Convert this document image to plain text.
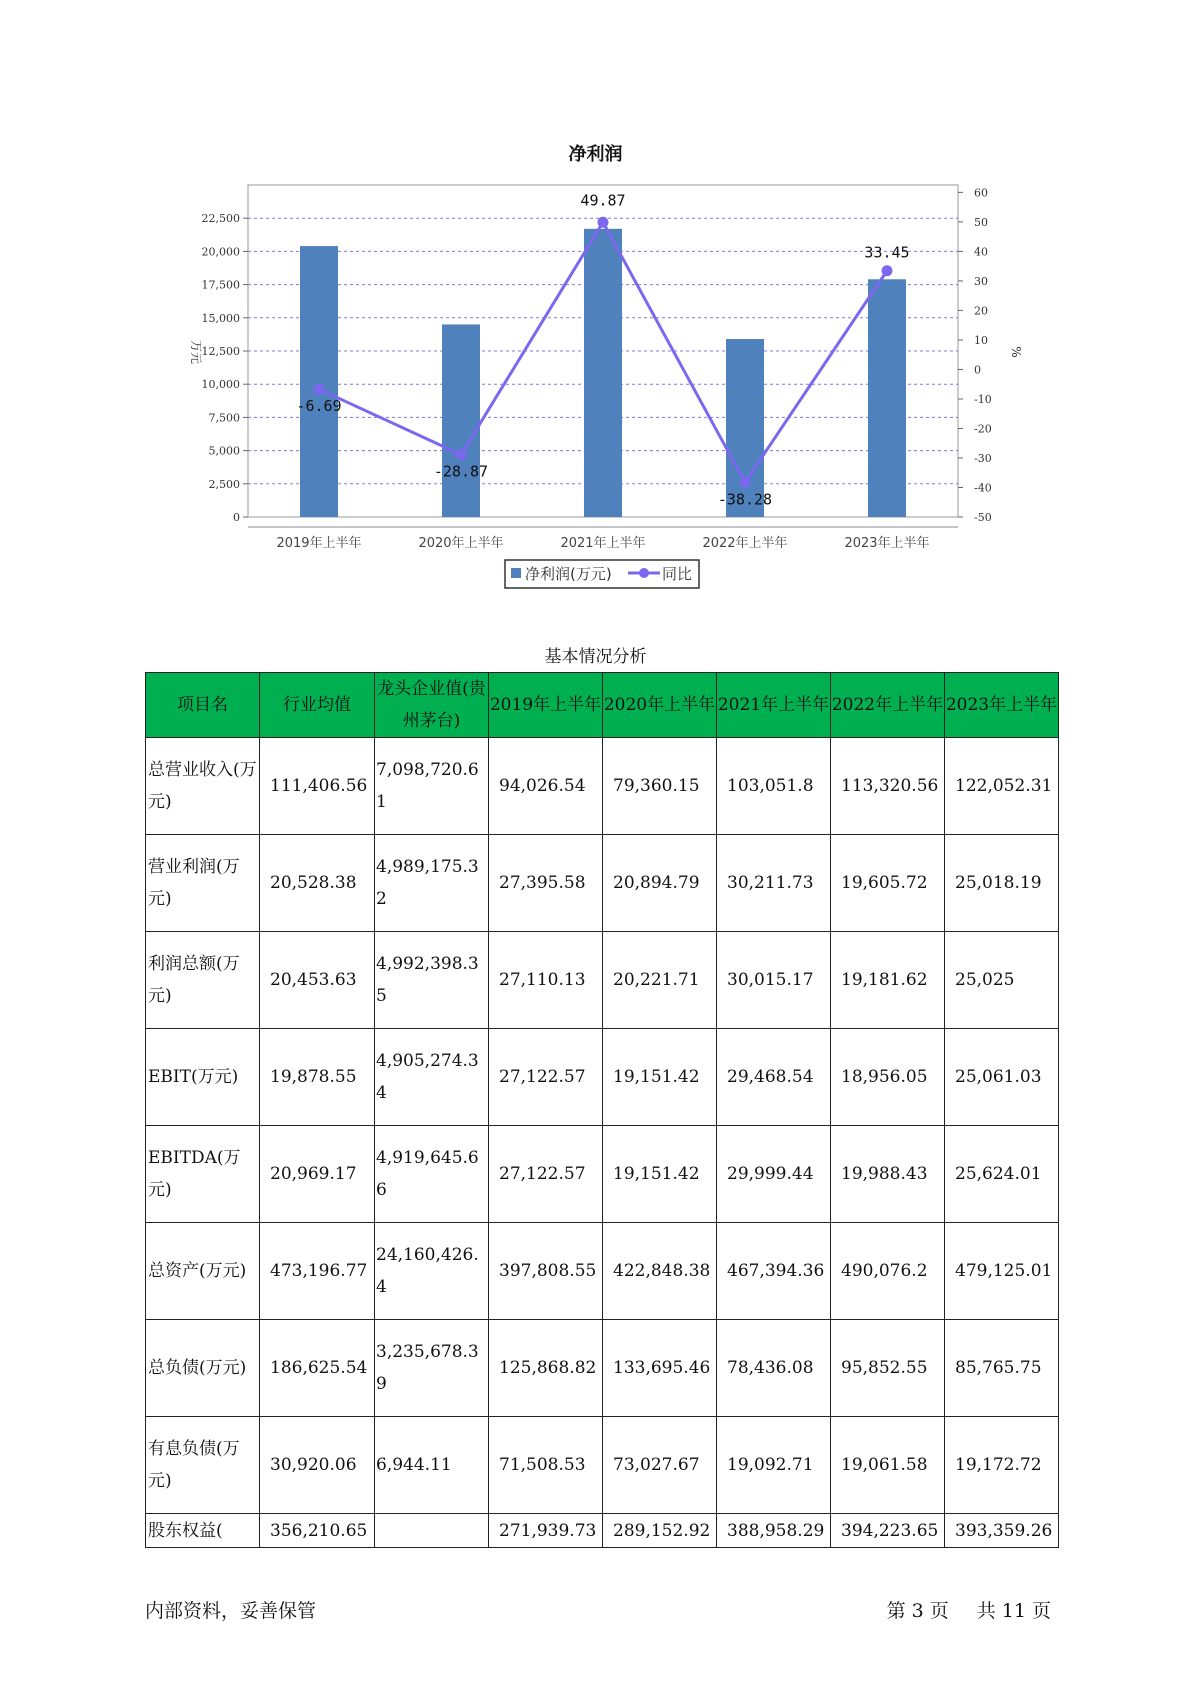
净利润
-6.69
-28.87
49.87
-38.28
33.45
万元	%
0
2,500
5,000
7,500
10,000
12,500
15,000
17,500
20,000
22,500
-50
-40
-30
-20
-10
0
10
20
30
40
50
60
2019年上半年	2020年上半年	2021年上半年	2022年上半年	2023年上半年
净利润(万元)	同比
基本情况分析
项目名	行业均值	龙头企业值(贵州茅台)	2019年上半年	2020年上半年	2021年上半年	2022年上半年	2023年上半年
总营业收入(万元)	111,406.56	7,098,720.61	94,026.54	79,360.15	103,051.8	113,320.56	122,052.31
营业利润(万元)	20,528.38	4,989,175.32	27,395.58	20,894.79	30,211.73	19,605.72	25,018.19
利润总额(万元)	20,453.63	4,992,398.35	27,110.13	20,221.71	30,015.17	19,181.62	25,025
EBIT(万元)	19,878.55	4,905,274.34	27,122.57	19,151.42	29,468.54	18,956.05	25,061.03
EBITDA(万元)	20,969.17	4,919,645.66	27,122.57	19,151.42	29,999.44	19,988.43	25,624.01
总资产(万元)	473,196.77	24,160,426.4	397,808.55	422,848.38	467,394.36	490,076.2	479,125.01
总负债(万元)	186,625.54	3,235,678.39	125,868.82	133,695.46	78,436.08	95,852.55	85,765.75
有息负债(万元)	30,920.06	6,944.11	71,508.53	73,027.67	19,092.71	19,061.58	19,172.72
股东权益(	356,210.65		271,939.73	289,152.92	388,958.29	394,223.65	393,359.26
内部资料，妥善保管	第 3 页 共 11 页
